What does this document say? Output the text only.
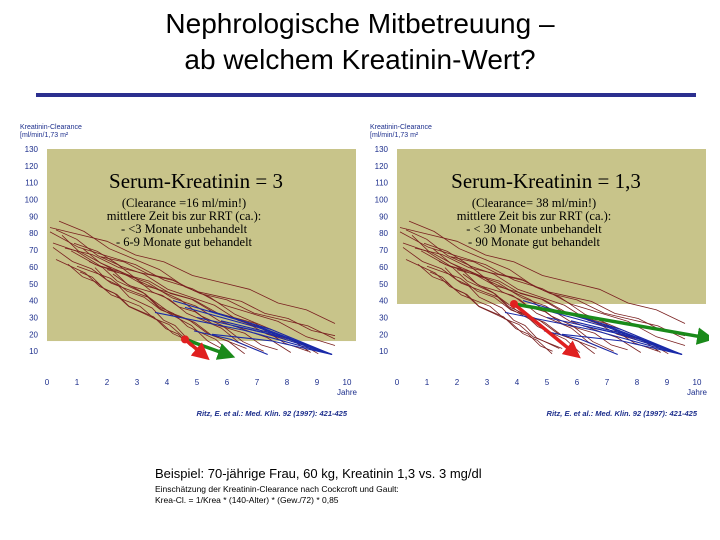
Nephrologische Mitbetreuung –
ab welchem Kreatinin-Wert?
Kreatinin-Clearance
[ml/min/1,73 m²
10
20
30
40
50
60
70
80
90
100
110
120
130
0	1	2	3	4	5	6	7	8	9	10
Jahre
Serum-Kreatinin = 3
(Clearance =16 ml/min!)
mittlere Zeit bis zur RRT (ca.):
- <3 Monate unbehandelt
- 6-9 Monate gut behandelt
Ritz, E. et al.: Med. Klin. 92 (1997): 421-425
Kreatinin-Clearance
[ml/min/1,73 m²
10
20
30
40
50
60
70
80
90
100
110
120
130
0	1	2	3	4	5	6	7	8	9	10
Jahre
Serum-Kreatinin = 1,3
(Clearance= 38 ml/min!)
mittlere Zeit bis zur RRT (ca.):
- < 30 Monate unbehandelt
- 90 Monate gut behandelt
Ritz, E. et al.: Med. Klin. 92 (1997): 421-425
Beispiel: 70-jährige Frau, 60 kg, Kreatinin 1,3 vs. 3 mg/dl
Einschätzung der Kreatinin-Clearance nach Cockcroft und Gault:
Krea-Cl. = 1/Krea * (140-Alter) * (Gew./72) * 0,85
